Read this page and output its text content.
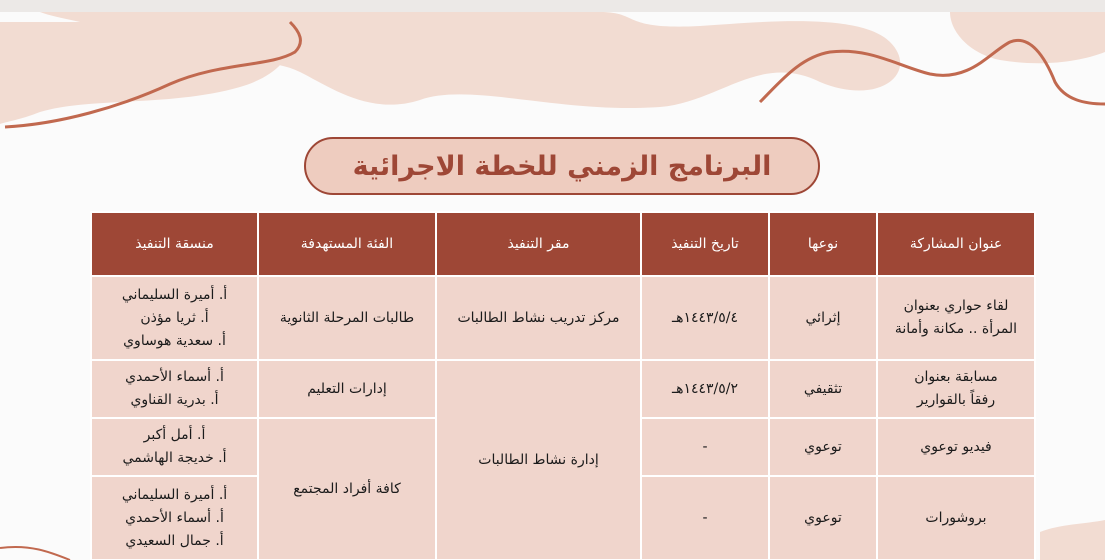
البرنامج الزمني للخطة الاجرائية
عنوان المشاركة	نوعها	تاريخ التنفيذ	مقر التنفيذ	الفئة المستهدفة	منسقة التنفيذ

لقاء حواري بعنوان
المرأة .. مكانة وأمانة	إثرائي	١٤٤٣/٥/٤هـ	مركز تدريب نشاط الطالبات	طالبات المرحلة الثانوية	أ. أميرة السليماني
أ. ثريا مؤذن
أ. سعدية هوساوي

مسابقة بعنوان
رفقاً بالقوارير	تثقيفي	١٤٤٣/٥/٢هـ	إدارة نشاط الطالبات	إدارات التعليم	أ. أسماء الأحمدي
أ. بدرية القناوي

فيديو توعوي	توعوي	-		كافة أفراد المجتمع	أ. أمل أكبر
أ. خديجة الهاشمي

بروشورات	توعوي	-			أ. أميرة السليماني
أ. أسماء الأحمدي
أ. جمال السعيدي
